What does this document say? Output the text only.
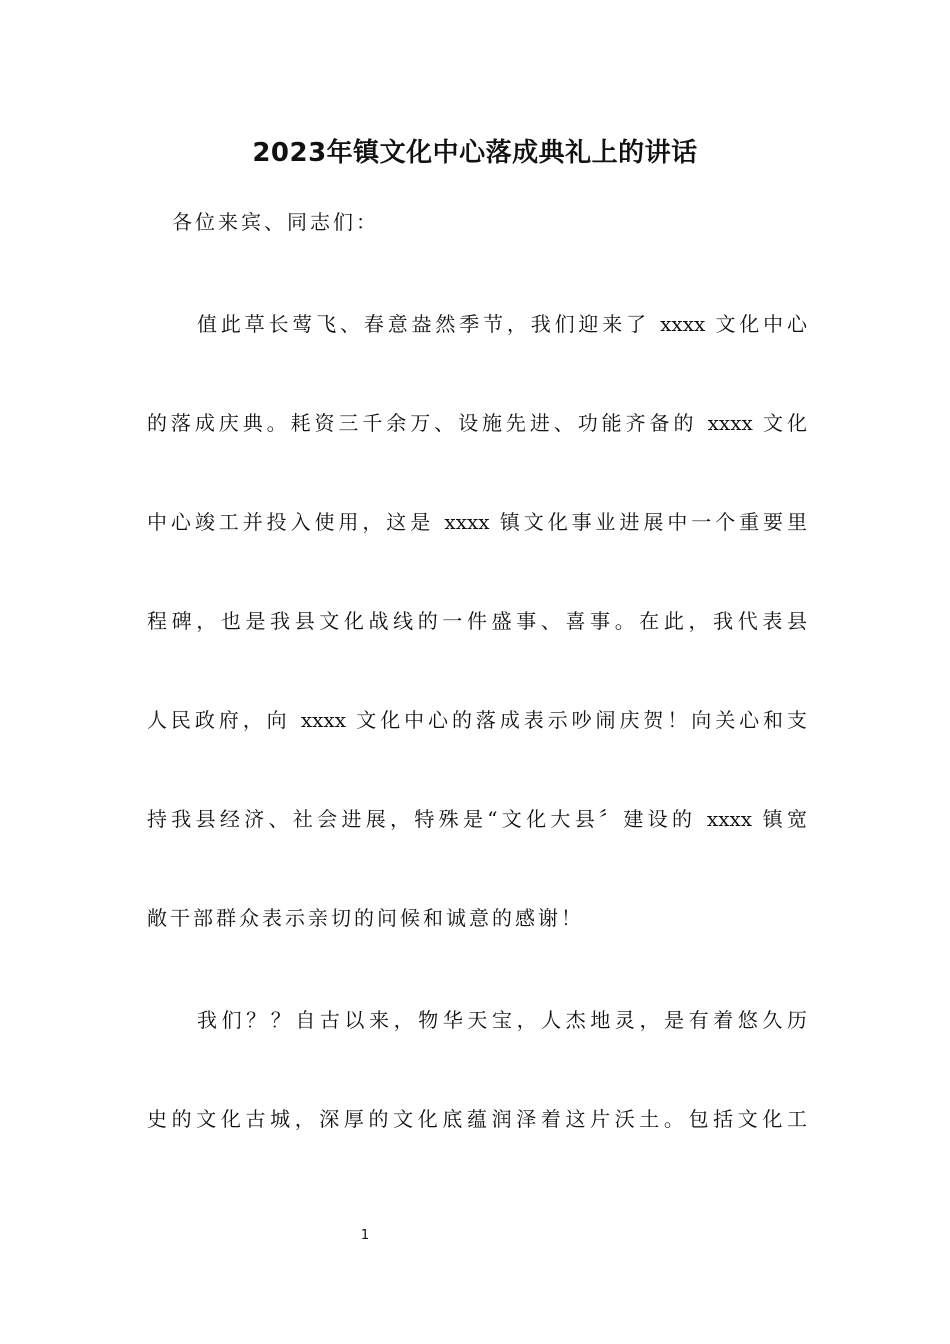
2023年镇文化中心落成典礼上的讲话
各位来宾、同志们：
值此草长莺飞、春意盎然季节，我们迎来了 xxxx 文化中心
的落成庆典。耗资三千余万、设施先进、功能齐备的 xxxx 文化
中心竣工并投入使用，这是 xxxx 镇文化事业进展中一个重要里
程碑，也是我县文化战线的一件盛事、喜事。在此，我代表县
人民政府，向 xxxx 文化中心的落成表示吵闹庆贺！向关心和支
持我县经济、社会进展，特殊是“文化大县〞建设的 xxxx 镇宽
敞干部群众表示亲切的问候和诚意的感谢！
我们？？自古以来，物华天宝，人杰地灵，是有着悠久历
史的文化古城，深厚的文化底蕴润泽着这片沃土。包括文化工
1
